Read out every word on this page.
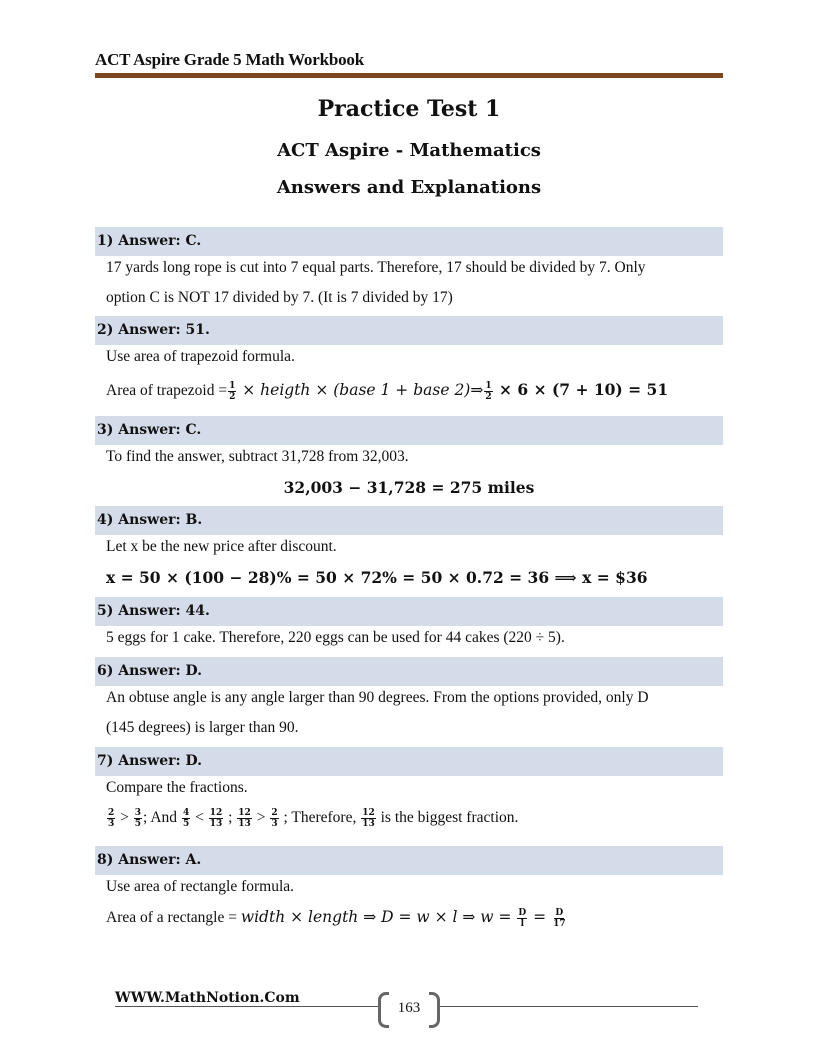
ACT Aspire Grade 5 Math Workbook
Practice Test 1
ACT Aspire - Mathematics
Answers and Explanations
1) Answer: C.
17 yards long rope is cut into 7 equal parts. Therefore, 17 should be divided by 7. Only
option C is NOT 17 divided by 7. (It is 7 divided by 17)
2) Answer: 51.
Use area of trapezoid formula.
Area of trapezoid = $\frac{1}{2}$ × heigth × (base 1 + base 2)⇒ $\frac{1}{2} \times 6 \times (7 + 10) = 51$
3) Answer: C.
To find the answer, subtract 31,728 from 32,003.
32,003 − 31,728 = 275 miles
4) Answer: B.
Let x be the new price after discount.
x = 50 × (100 − 28)% = 50 × 72% = 50 × 0.72 = 36 ⟹ x = $36
5) Answer: 44.
5 eggs for 1 cake. Therefore, 220 eggs can be used for 44 cakes (220 ÷ 5).
6) Answer: D.
An obtuse angle is any angle larger than 90 degrees. From the options provided, only D
(145 degrees) is larger than 90.
7) Answer: D.
Compare the fractions.
$\frac{2}{3} > \frac{3}{5}$ ; And $\frac{4}{5} < \frac{12}{13}$ ; $\frac{12}{13} > \frac{2}{3}$ ; Therefore, $\frac{12}{13}$ is the biggest fraction.
8) Answer: A.
Use area of rectangle formula.
Area of a rectangle = width × length ⇒ D = w × l ⇒ $w = \frac{D}{l} = \frac{D}{17}$
WWW.MathNotion.Com
163
